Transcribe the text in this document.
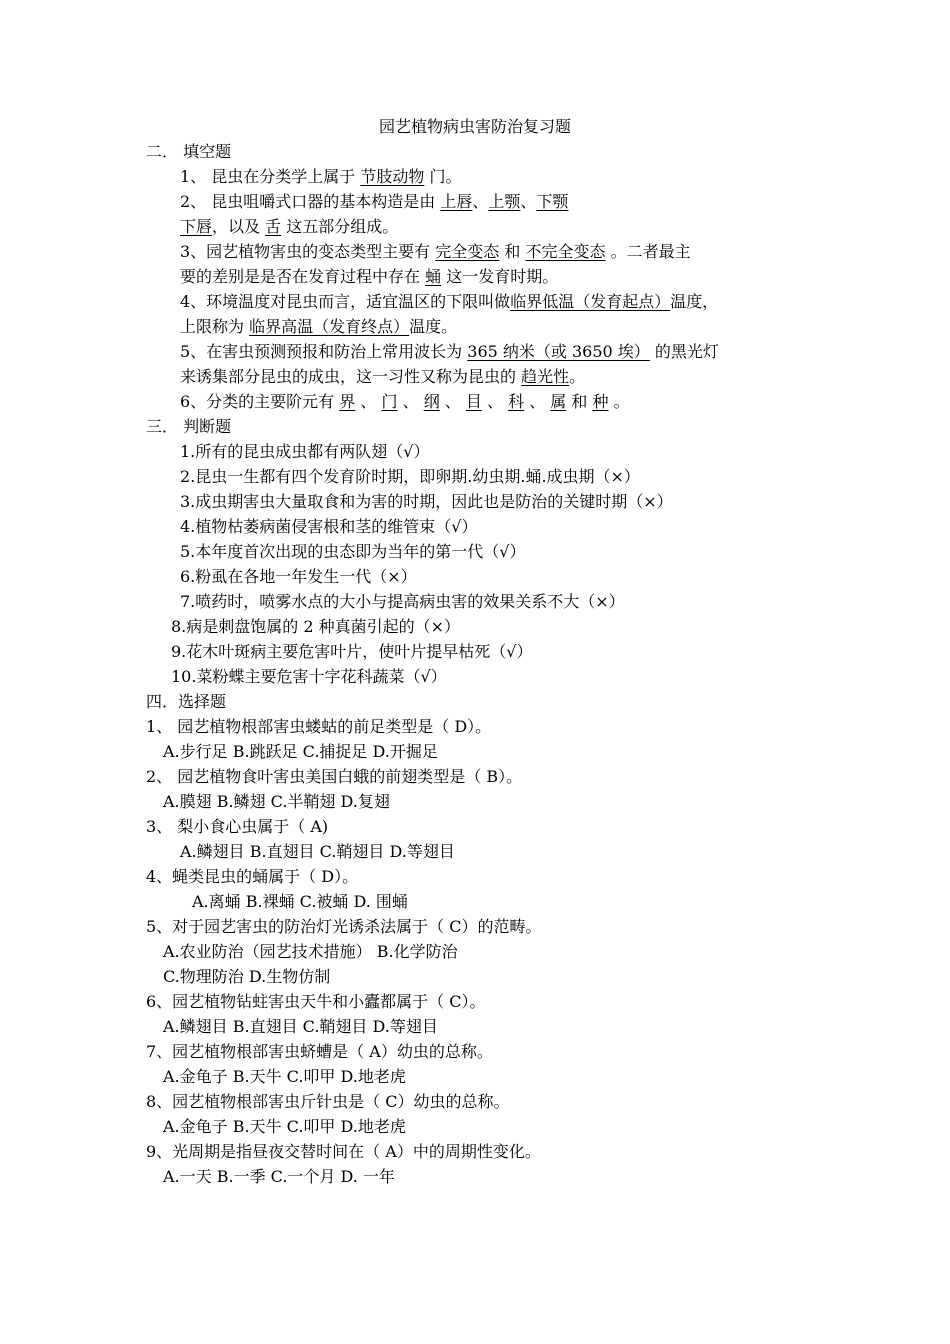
园艺植物病虫害防治复习题
二． 填空题
1、 昆虫在分类学上属于 节肢动物 门。
2、 昆虫咀嚼式口器的基本构造是由 上唇、上颚、下颚
下唇，以及 舌 这五部分组成。
3、园艺植物害虫的变态类型主要有 完全变态 和 不完全变态 。二者最主
要的差别是是否在发育过程中存在 蛹 这一发育时期。
4、环境温度对昆虫而言，适宜温区的下限叫做临界低温（发育起点）温度，
上限称为 临界高温（发育终点）温度。
5、在害虫预测预报和防治上常用波长为 365 纳米（或 3650 埃） 的黑光灯
来诱集部分昆虫的成虫，这一习性又称为昆虫的 趋光性。
6、分类的主要阶元有 界 、 门 、 纲 、 目 、 科 、 属 和 种 。
三． 判断题
1.所有的昆虫成虫都有两队翅（√）
2.昆虫一生都有四个发育阶时期，即卵期.幼虫期.蛹.成虫期（×）
3.成虫期害虫大量取食和为害的时期，因此也是防治的关键时期（×）
4.植物枯萎病菌侵害根和茎的维管束（√）
5.本年度首次出现的虫态即为当年的第一代（√）
6.粉虱在各地一年发生一代（×）
7.喷药时，喷雾水点的大小与提高病虫害的效果关系不大（×）
8.病是刺盘饱属的 2 种真菌引起的（×）
9.花木叶斑病主要危害叶片，使叶片提早枯死（√）
10.菜粉蝶主要危害十字花科蔬菜（√）
四．选择题
1、 园艺植物根部害虫蝼蛄的前足类型是（ D）。
A.步行足 B.跳跃足 C.捕捉足 D.开掘足
2、 园艺植物食叶害虫美国白蛾的前翅类型是（ B）。
A.膜翅 B.鳞翅 C.半鞘翅 D.复翅
3、 梨小食心虫属于（ A)
A.鳞翅目 B.直翅目 C.鞘翅目 D.等翅目
4、蝇类昆虫的蛹属于（ D）。
A.离蛹 B.裸蛹 C.被蛹 D. 围蛹
5、对于园艺害虫的防治灯光诱杀法属于（ C）的范畴。
A.农业防治（园艺技术措施） B.化学防治
C.物理防治 D.生物仿制
6、园艺植物钻蛀害虫天牛和小蠹都属于（ C）。
A.鳞翅目 B.直翅目 C.鞘翅目 D.等翅目
7、园艺植物根部害虫蛴螬是（ A）幼虫的总称。
A.金龟子 B.天牛 C.叩甲 D.地老虎
8、园艺植物根部害虫斤针虫是（ C）幼虫的总称。
A.金龟子 B.天牛 C.叩甲 D.地老虎
9、光周期是指昼夜交替时间在（ A）中的周期性变化。
A.一天 B.一季 C.一个月 D. 一年
